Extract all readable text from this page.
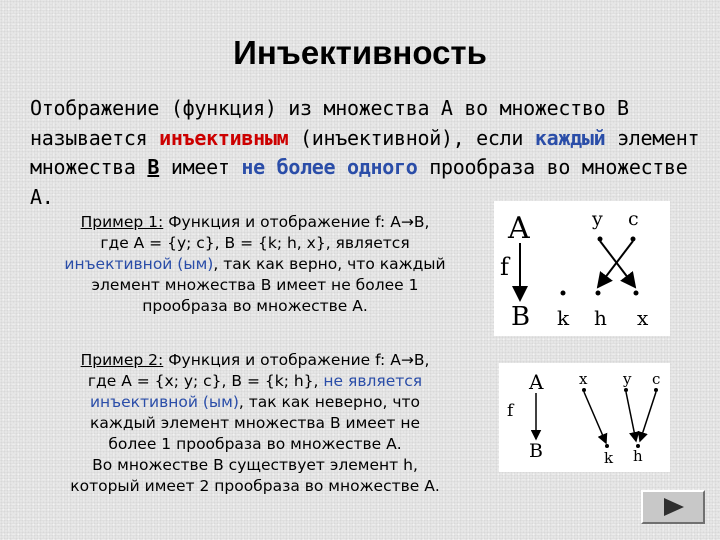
Инъективность
Отображение (функция) из множества А во множество В называется инъективным (инъективной), если каждый элемент множества В имеет не более одного прообраза во множестве А.
Пример 1: Функция и отображение f: A→B,
где А = {y; c}, В = {k; h, x}, является
инъективной (ым), так как верно, что каждый
элемент множества B имеет не более 1
прообраза во множестве А.
Пример 2: Функция и отображение f: A→B,
где А = {x; y; c}, В = {k; h}, не является
инъективной (ым), так как неверно, что
каждый элемент множества B имеет не
более 1 прообраза во множестве А.
Во множестве B существует элемент h,
который имеет 2 прообраза во множестве А.
A
f
B
y c
k h x
A
f
B
x y c
k h
